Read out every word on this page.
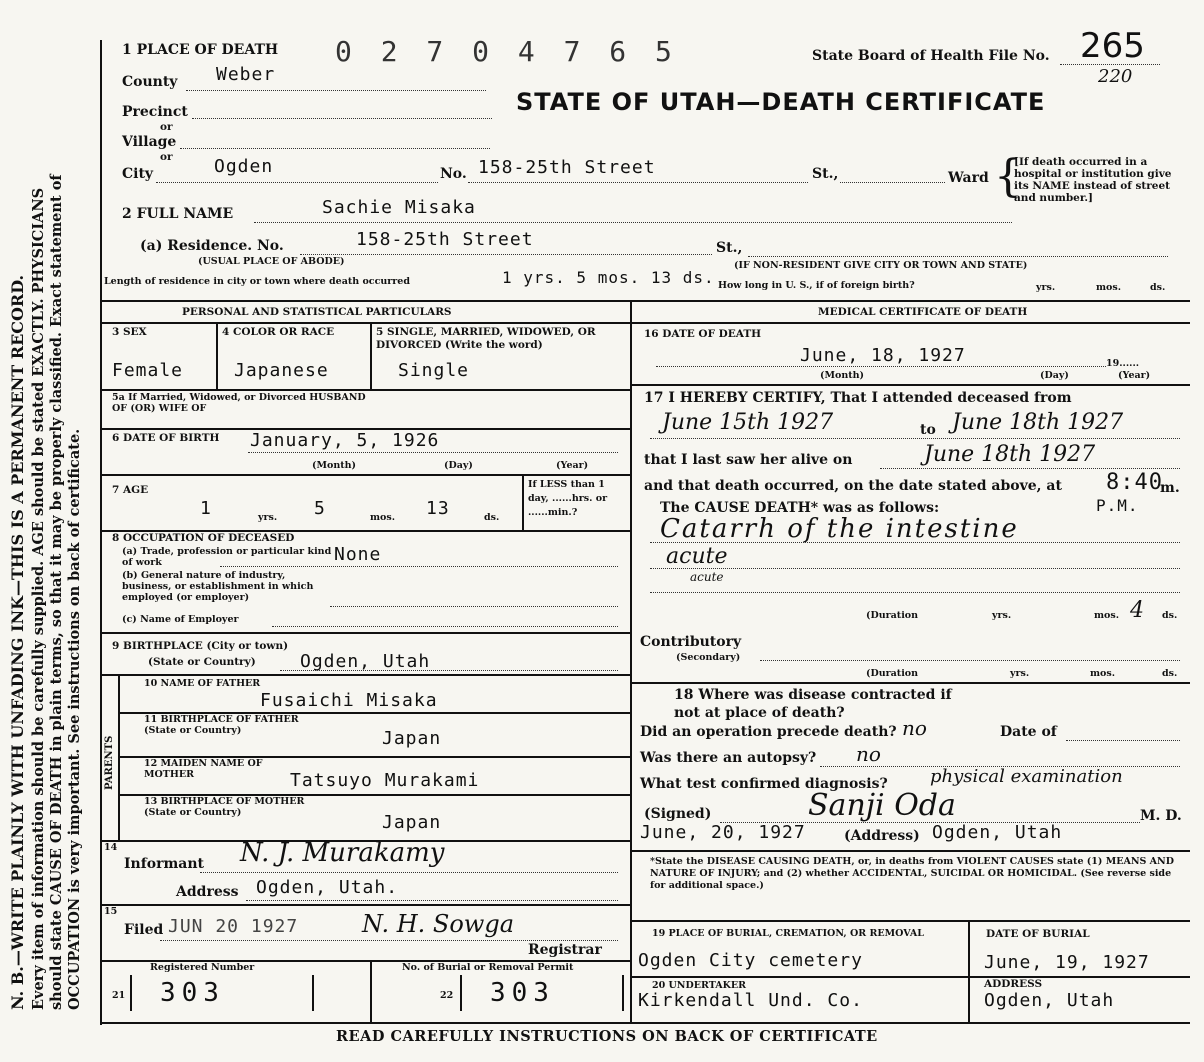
N. B.—WRITE PLAINLY WITH UNFADING INK—THIS IS A PERMANENT RECORD. Every item of information should be carefully supplied. AGE should be stated EXACTLY. PHYSICIANS should state CAUSE OF DEATH in plain terms, so that it may be properly classified. Exact statement of OCCUPATION is very important. See instructions on back of certificate.
1 PLACE OF DEATH 0 2 7 0 4 7 6 5	State Board of Health File No. 265
220
STATE OF UTAH—DEATH CERTIFICATE
County Weber
Precinct
or
Village
or
City	Ogden	No. 158-25th Street	St.,	Ward {
[If death occurred in a hospital or institution give its NAME instead of street and number.]
2 FULL NAME	Sachie Misaka
(a) Residence. No.	158-25th Street	St.,
(USUAL PLACE OF ABODE)	(IF NON-RESIDENT GIVE CITY OR TOWN AND STATE)
Length of residence in city or town where death occurred	1 yrs. 5 mos. 13 ds. How long in U. S., if of foreign birth?	yrs.	mos.	ds.
PERSONAL AND STATISTICAL PARTICULARS
3 SEX
Female
4 COLOR OR RACE
Japanese
5 SINGLE, MARRIED, WIDOWED, OR DIVORCED (Write the word)
Single
5a If Married, Widowed, or Divorced HUSBAND OF (OR) WIFE OF
6 DATE OF BIRTH January, 5, 1926
(Month)	(Day)	(Year)
7 AGE
1	yrs. 5	mos. 13	ds.
If LESS than 1 day, ......hrs. or ......min.?
8 OCCUPATION OF DECEASED
(a) Trade, profession or particular kind of work	None
(b) General nature of industry, business, or establishment in which employed (or employer)
(c) Name of Employer
9 BIRTHPLACE (City or town)
(State or Country) Ogden, Utah
PARENTS
10 NAME OF FATHER
Fusaichi Misaka
11 BIRTHPLACE OF FATHER (State or Country)	Japan
12 MAIDEN NAME OF MOTHER	Tatsuyo Murakami
13 BIRTHPLACE OF MOTHER (State or Country)	Japan
14
Informant N. J. Murakamy
Address Ogden, Utah.
15
Filed JUN 20 1927	N. H. Sowga
Registrar
Registered Number	No. of Burial or Removal Permit
21 303	22 303
MEDICAL CERTIFICATE OF DEATH
16 DATE OF DEATH
June, 18, 1927	19......
(Month)	(Day)	(Year)
17 I HEREBY CERTIFY, That I attended deceased from
June 15th 1927	to June 18th 1927
that I last saw her alive on	June 18th 1927
and that death occurred, on the date stated above, at 8:40
m.
The CAUSE DEATH* was as follows:	P.M.
Catarrh of the intestine
acute
acute
(Duration	yrs.	mos. 4 ds.
Contributory
(Secondary)
(Duration	yrs.	mos.	ds.
18 Where was disease contracted if not at place of death?
Did an operation precede death? no	Date of
Was there an autopsy? no
What test confirmed diagnosis? physical examination
(Signed)	Sanji Oda	M. D.
June, 20, 1927	(Address) Ogden, Utah
*State the DISEASE CAUSING DEATH, or, in deaths from VIOLENT CAUSES state (1) MEANS AND NATURE OF INJURY; and (2) whether ACCIDENTAL, SUICIDAL OR HOMICIDAL. (See reverse side for additional space.)
19 PLACE OF BURIAL, CREMATION, OR REMOVAL
Ogden City cemetery
DATE OF BURIAL
June, 19, 1927
20 UNDERTAKER
Kirkendall Und. Co.
ADDRESS
Ogden, Utah
READ CAREFULLY INSTRUCTIONS ON BACK OF CERTIFICATE
